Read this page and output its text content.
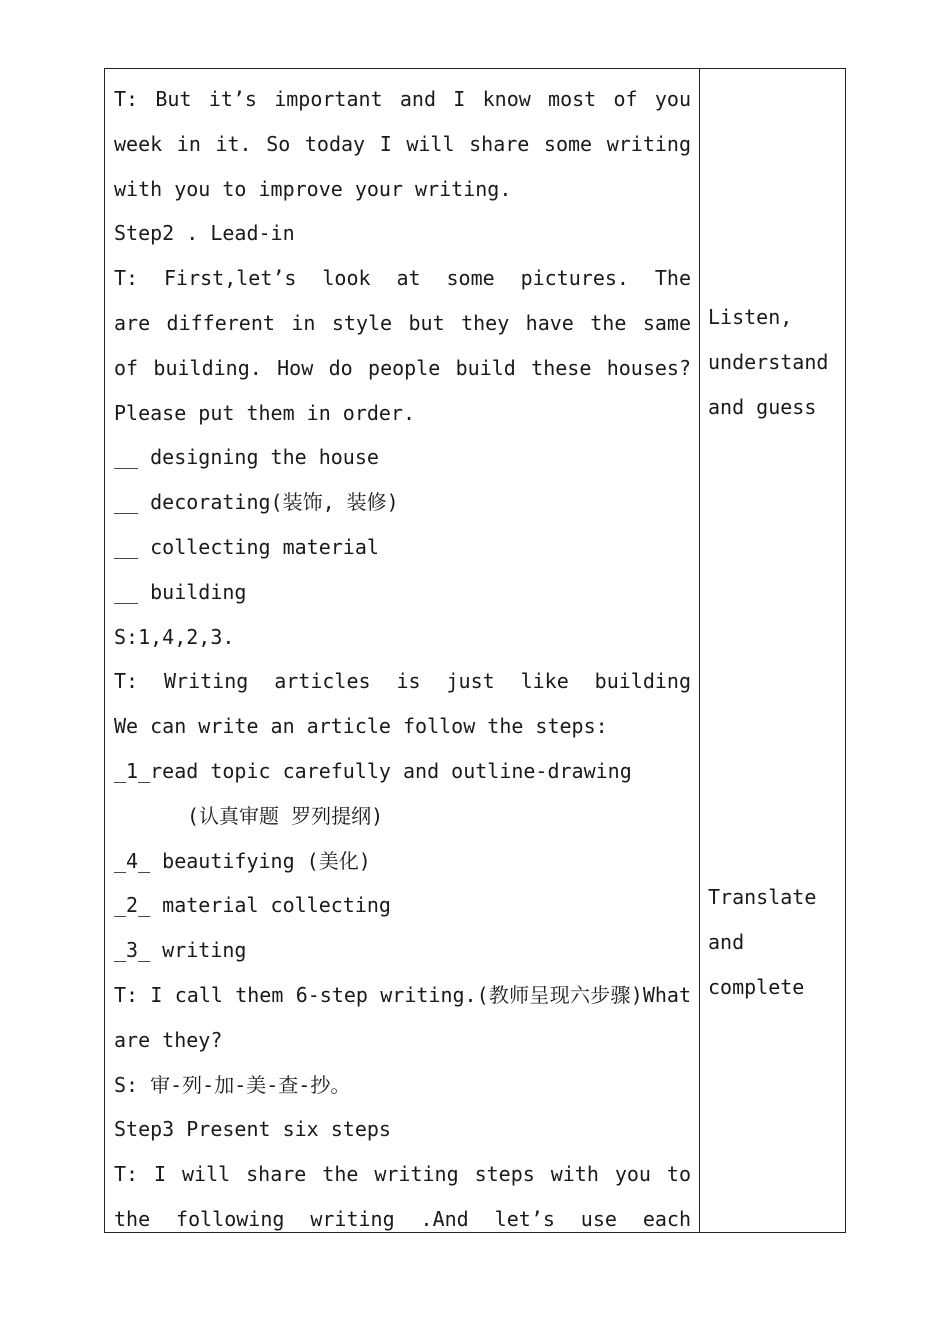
T: But it’s important and I know most of you
week in it. So today I will share some writing
with you to improve your writing.
Step2 . Lead-in
T: First,let’s look at some pictures. The
are different in style but they have the same
of building. How do people build these houses?
Please put them in order.
__ designing the house
__ decorating(装饰, 装修)
__ collecting material
__ building
S:1,4,2,3.
T: Writing articles is just like building
We can write an article follow the steps:
_1_read topic carefully and outline-drawing
(认真审题 罗列提纲)
_4_ beautifying (美化)
_2_ material collecting
_3_ writing
T: I call them 6-step writing.(教师呈现六步骤)What
are they?
S: 审-列-加-美-查-抄。
Step3 Present six steps
T: I will share the writing steps with you to
the following writing .And let’s use each
Listen,
understand
and guess
Translate
and
complete
